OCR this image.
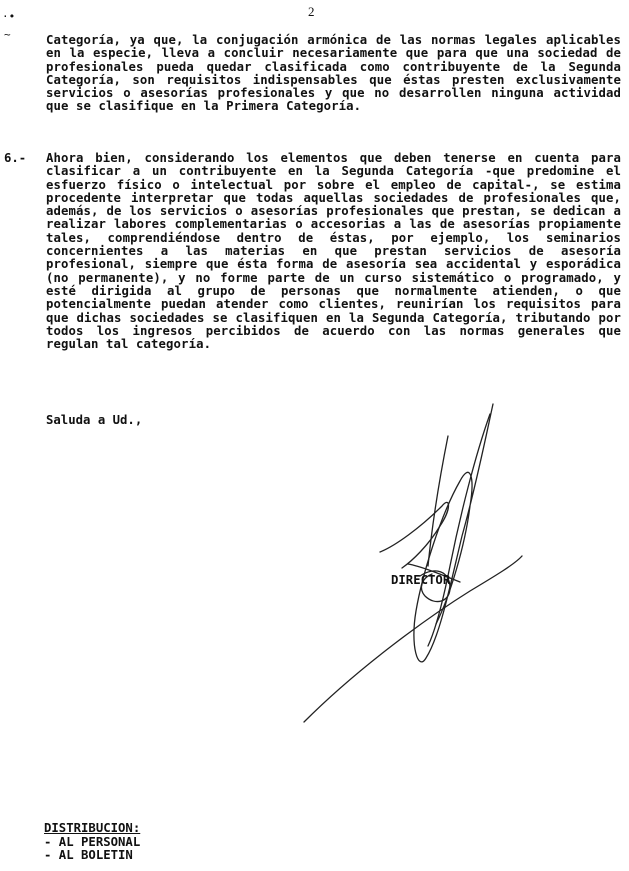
2
·•
~	Categoría, ya que, la conjugación armónica de las normas legales aplicables en la especie, lleva a concluir necesariamente que para que una sociedad de profesionales pueda quedar clasificada como contribuyente de la Segunda Categoría, son requisitos indispensables que éstas presten exclusivamente servicios o asesorías profesionales y que no desarrollen ninguna actividad que se clasifique en la Primera Categoría.
6.- Ahora bien, considerando los elementos que deben tenerse en cuenta para clasificar a un contribuyente en la Segunda Categoría -que predomine el esfuerzo físico o intelectual por sobre el empleo de capital-, se estima procedente interpretar que todas aquellas sociedades de profesionales que, además, de los servicios o asesorías profesionales que prestan, se dedican a realizar labores complementarias o accesorias a las de asesorías propiamente tales, comprendiéndose dentro de éstas, por ejemplo, los seminarios concernientes a las materias en que prestan servicios de asesoría profesional, siempre que ésta forma de asesoría sea accidental y esporádica (no permanente), y no forme parte de un curso sistemático o programado, y esté dirigida al grupo de personas que normalmente atienden, o que potencialmente puedan atender como clientes, reunirían los requisitos para que dichas sociedades se clasifiquen en la Segunda Categoría, tributando por todos los ingresos percibidos de acuerdo con las normas generales que regulan tal categoría.
Saluda a Ud.,
DIRECTOR
DISTRIBUCION:
- AL PERSONAL
- AL BOLETIN
